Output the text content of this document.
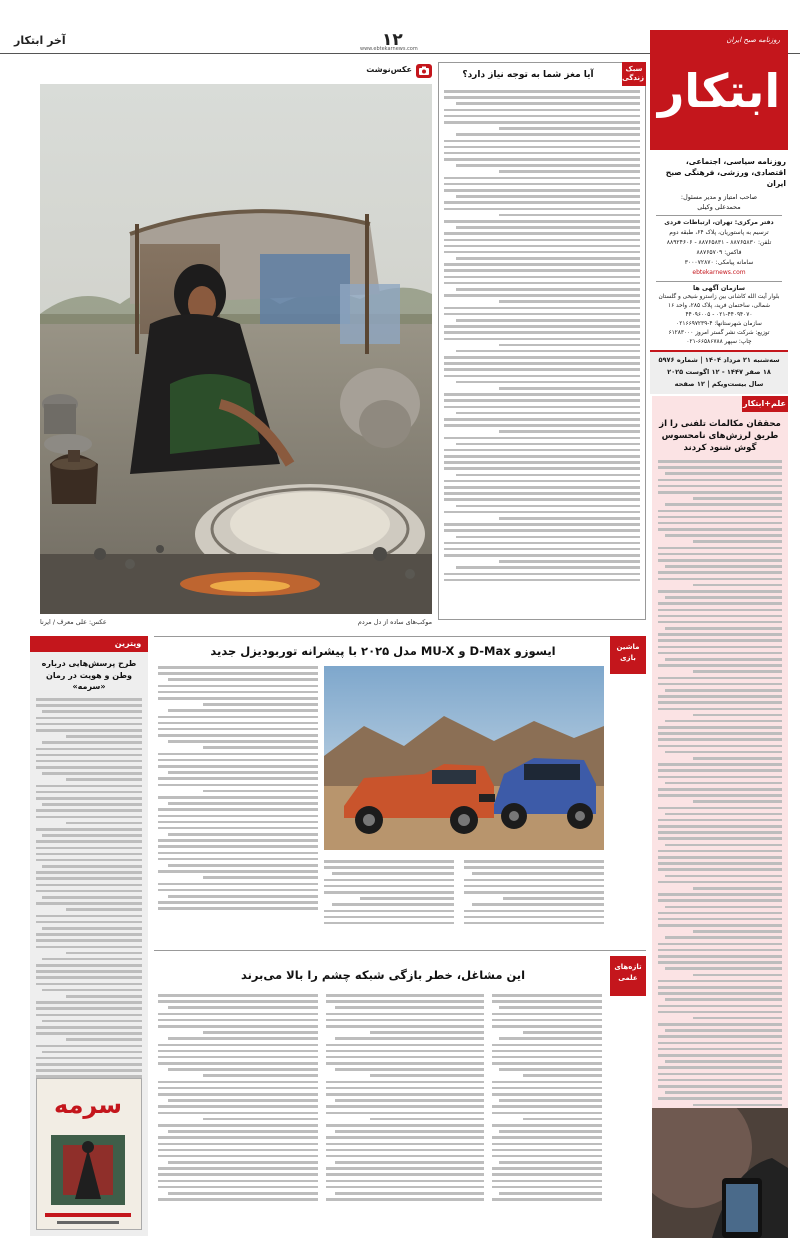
آخر ابتکار	۱۲
www.ebtekarnews.com
روزنامه صبح ایران
ابتکار
روزنامه سیاسی، اجتماعی، اقتصادی، ورزشی، فرهنگی صبح ایران
صاحب امتیاز و مدیر مسئول:
محمدعلی وکیلی
دفتر مرکزی: تهران، ارتباطات فردی
ترسیم به پاستوریان، پلاک ۶۴، طبقه دوم
تلفن: ۸۸۷۶۵۸۳۰ - ۸۸۷۶۵۸۳۱ - ۸۸۹۲۴۶۰۶
فاکس: ۸۸۷۶۵۷۰۹
سامانه پیامکی: ۳۰۰۰۷۲۸۷۰
ebtekarnews.com
سازمان آگهی ها
بلوار آیت الله کاشانی بین زاسترو شیخی و گلستان
شمالی، ساختمان فرید، پلاک ۲۸۵، واحد ۱۶
۰۲۱-۴۴۰۹۴۰۷۰ - ۴۴۰۹۶۰۰۵
سازمان شهرستانها: ۴-۰۲۱۶۶۹۷۲۳۹
توزیع: شرکت نشر گستر امروز ۶۱۲۸۳۰۰۰
چاپ: سپهر ۶۶۵۸۶۷۸۸-۰۲۱
سه‌شنبه ۲۱ مرداد ۱۴۰۴ | شماره ۵۹۷۶
۱۸ صفر ۱۴۴۷ - ۱۲ اگوست ۲۰۲۵
سال بیست‌ویکم | ۱۲ صفحه
علم+ابتکار
محققان مکالمات تلفنی را از طریق لرزش‌های نامحسوس گوش شنود کردند
سبک زندگی
آیا مغز شما به توجه نیاز دارد؟
عکس‌نوشت
موکب‌های ساده از دل مردم
عکس: علی معرف / ایرنا
ماشین بازی
ایسوزو D-Max و MU-X مدل ۲۰۲۵ با پیشرانه توربودیزل جدید
تازه‌های علمی
این مشاغل، خطر بازگی شبکه چشم را بالا می‌برند
ویترین
طرح پرسش‌هایی درباره وطن و هویت در رمان «سرمه»
سرمه
